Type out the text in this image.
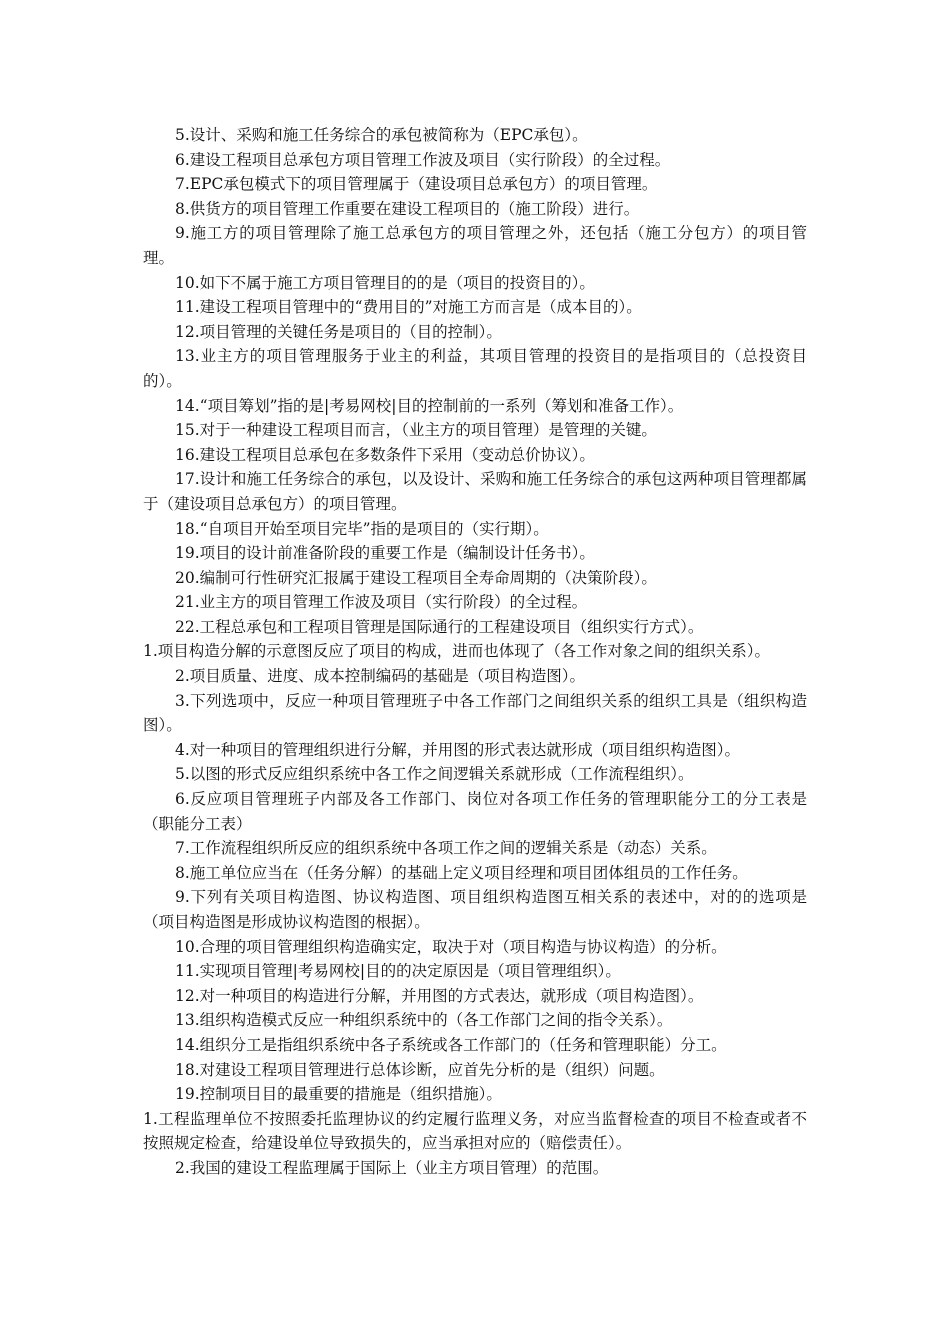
5.设计、采购和施工任务综合的承包被简称为（EPC承包）。

6.建设工程项目总承包方项目管理工作波及项目（实行阶段）的全过程。

7.EPC承包模式下的项目管理属于（建设项目总承包方）的项目管理。

8.供货方的项目管理工作重要在建设工程项目的（施工阶段）进行。

9.施工方的项目管理除了施工总承包方的项目管理之外，还包括（施工分包方）的项目管理。

10.如下不属于施工方项目管理目的的是（项目的投资目的）。

11.建设工程项目管理中的“费用目的”对施工方而言是（成本目的）。

12.项目管理的关键任务是项目的（目的控制）。

13.业主方的项目管理服务于业主的利益，其项目管理的投资目的是指项目的（总投资目的）。

14.“项目筹划”指的是|考易网校|目的控制前的一系列（筹划和准备工作）。

15.对于一种建设工程项目而言，（业主方的项目管理）是管理的关键。

16.建设工程项目总承包在多数条件下采用（变动总价协议）。

17.设计和施工任务综合的承包，以及设计、采购和施工任务综合的承包这两种项目管理都属于（建设项目总承包方）的项目管理。

18.“自项目开始至项目完毕”指的是项目的（实行期）。

19.项目的设计前准备阶段的重要工作是（编制设计任务书）。

20.编制可行性研究汇报属于建设工程项目全寿命周期的（决策阶段）。

21.业主方的项目管理工作波及项目（实行阶段）的全过程。

22.工程总承包和工程项目管理是国际通行的工程建设项目（组织实行方式）。

1.项目构造分解的示意图反应了项目的构成，进而也体现了（各工作对象之间的组织关系）。

2.项目质量、进度、成本控制编码的基础是（项目构造图）。

3.下列选项中，反应一种项目管理班子中各工作部门之间组织关系的组织工具是（组织构造图）。

4.对一种项目的管理组织进行分解，并用图的形式表达就形成（项目组织构造图）。

5.以图的形式反应组织系统中各工作之间逻辑关系就形成（工作流程组织）。

6.反应项目管理班子内部及各工作部门、岗位对各项工作任务的管理职能分工的分工表是（职能分工表）

7.工作流程组织所反应的组织系统中各项工作之间的逻辑关系是（动态）关系。

8.施工单位应当在（任务分解）的基础上定义项目经理和项目团体组员的工作任务。

9.下列有关项目构造图、协议构造图、项目组织构造图互相关系的表述中，对的的选项是（项目构造图是形成协议构造图的根据）。

10.合理的项目管理组织构造确实定，取决于对（项目构造与协议构造）的分析。

11.实现项目管理|考易网校|目的的决定原因是（项目管理组织）。

12.对一种项目的构造进行分解，并用图的方式表达，就形成（项目构造图）。

13.组织构造模式反应一种组织系统中的（各工作部门之间的指令关系）。

14.组织分工是指组织系统中各子系统或各工作部门的（任务和管理职能）分工。

18.对建设工程项目管理进行总体诊断，应首先分析的是（组织）问题。

19.控制项目目的最重要的措施是（组织措施）。

1.工程监理单位不按照委托监理协议的约定履行监理义务，对应当监督检查的项目不检查或者不按照规定检查，给建设单位导致损失的，应当承担对应的（赔偿责任）。

2.我国的建设工程监理属于国际上（业主方项目管理）的范围。
